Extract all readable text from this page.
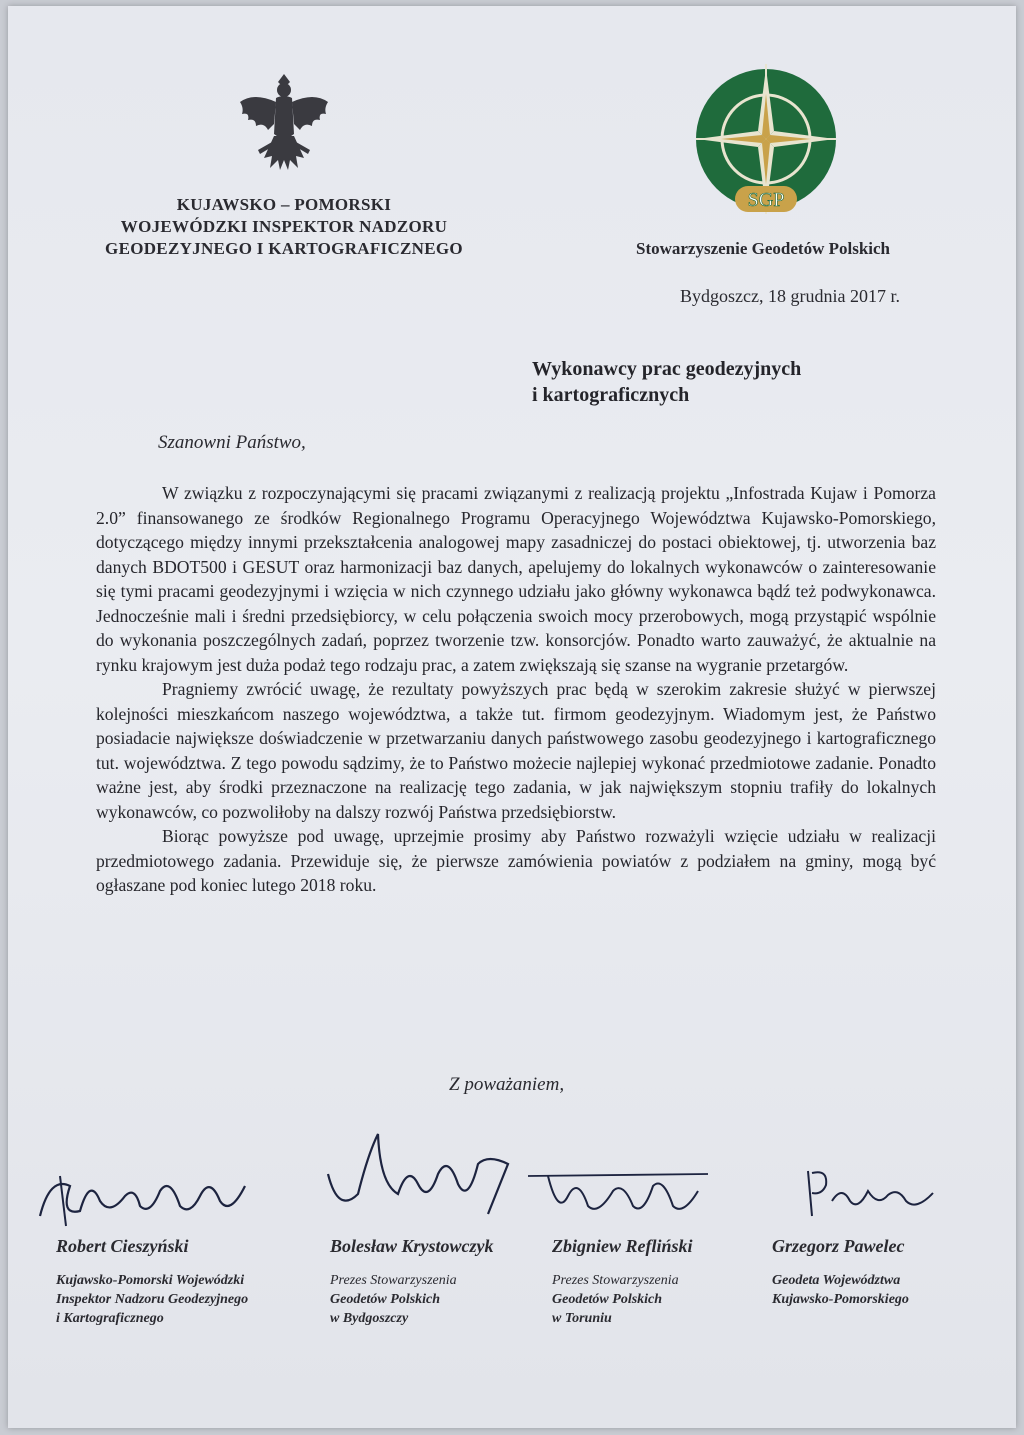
KUJAWSKO – POMORSKI
WOJEWÓDZKI INSPEKTOR NADZORU
GEODEZYJNEGO I KARTOGRAFICZNEGO
SGP
Stowarzyszenie Geodetów Polskich
Bydgoszcz, 18 grudnia 2017 r.
Wykonawcy prac geodezyjnych
i kartograficznych
Szanowni Państwo,

W związku z rozpoczynającymi się pracami związanymi z realizacją projektu „Infostrada Kujaw i Pomorza 2.0” finansowanego ze środków Regionalnego Programu Operacyjnego Województwa Kujawsko-Pomorskiego, dotyczącego między innymi przekształcenia analogowej mapy zasadniczej do postaci obiektowej, tj. utworzenia baz danych BDOT500 i GESUT oraz harmonizacji baz danych, apelujemy do lokalnych wykonawców o zainteresowanie się tymi pracami geodezyjnymi i wzięcia w nich czynnego udziału jako główny wykonawca bądź też podwykonawca. Jednocześnie mali i średni przedsiębiorcy, w celu połączenia swoich mocy przerobowych, mogą przystąpić wspólnie do wykonania poszczególnych zadań, poprzez tworzenie tzw. konsorcjów. Ponadto warto zauważyć, że aktualnie na rynku krajowym jest duża podaż tego rodzaju prac, a zatem zwiększają się szanse na wygranie przetargów.

Pragniemy zwrócić uwagę, że rezultaty powyższych prac będą w szerokim zakresie służyć w pierwszej kolejności mieszkańcom naszego województwa, a także tut. firmom geodezyjnym. Wiadomym jest, że Państwo posiadacie największe doświadczenie w przetwarzaniu danych państwowego zasobu geodezyjnego i kartograficznego tut. województwa. Z tego powodu sądzimy, że to Państwo możecie najlepiej wykonać przedmiotowe zadanie. Ponadto ważne jest, aby środki przeznaczone na realizację tego zadania, w jak największym stopniu trafiły do lokalnych wykonawców, co pozwoliłoby na dalszy rozwój Państwa przedsiębiorstw.

Biorąc powyższe pod uwagę, uprzejmie prosimy aby Państwo rozważyli wzięcie udziału w realizacji przedmiotowego zadania. Przewiduje się, że pierwsze zamówienia powiatów z podziałem na gminy, mogą być ogłaszane pod koniec lutego 2018 roku.

Z poważaniem,
Robert Cieszyński
Kujawsko-Pomorski Wojewódzki
Inspektor Nadzoru Geodezyjnego
i Kartograficznego
Bolesław Krystowczyk
Prezes Stowarzyszenia
Geodetów Polskich
w Bydgoszczy
Zbigniew Refliński
Prezes Stowarzyszenia
Geodetów Polskich
w Toruniu
Grzegorz Pawelec
Geodeta Województwa
Kujawsko-Pomorskiego
